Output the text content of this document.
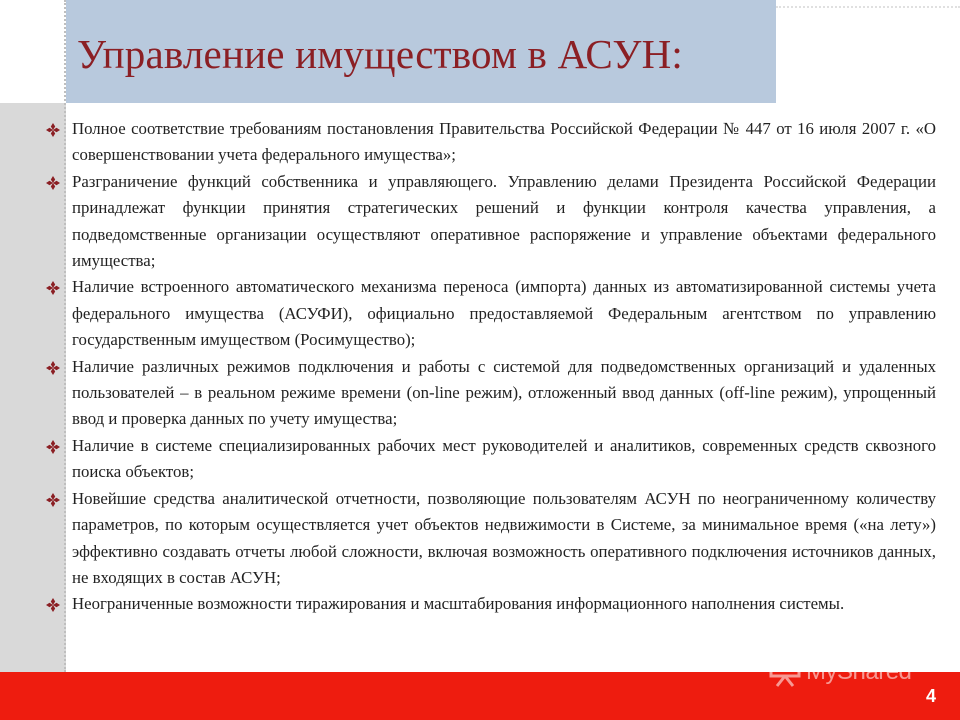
Управление имуществом в АСУН:
Полное соответствие требованиям постановления Правительства Российской Федерации № 447 от 16 июля 2007 г. «О совершенствовании учета федерального имущества»;
Разграничение функций собственника и управляющего. Управлению делами Президента Российской Федерации принадлежат функции принятия стратегических решений и функции контроля качества управления, а подведомственные организации осуществляют оперативное распоряжение и управление объектами федерального имущества;
Наличие встроенного автоматического механизма переноса (импорта) данных из автоматизированной системы учета федерального имущества (АСУФИ), официально предоставляемой Федеральным агентством по управлению государственным имуществом (Росимущество);
Наличие различных режимов подключения и работы с системой для подведомственных организаций и удаленных пользователей – в реальном режиме времени (on-line режим), отложенный ввод данных (off-line режим), упрощенный ввод и проверка данных по учету имущества;
Наличие в системе специализированных рабочих мест руководителей и аналитиков, современных средств сквозного поиска объектов;
Новейшие средства аналитической отчетности, позволяющие пользователям АСУН по неограниченному количеству параметров, по которым осуществляется учет объектов недвижимости в Системе, за минимальное время («на лету») эффективно создавать отчеты любой сложности, включая возможность оперативного подключения источников данных, не входящих в состав АСУН;
Неограниченные возможности тиражирования и масштабирования информационного наполнения системы.
MyShared
4
